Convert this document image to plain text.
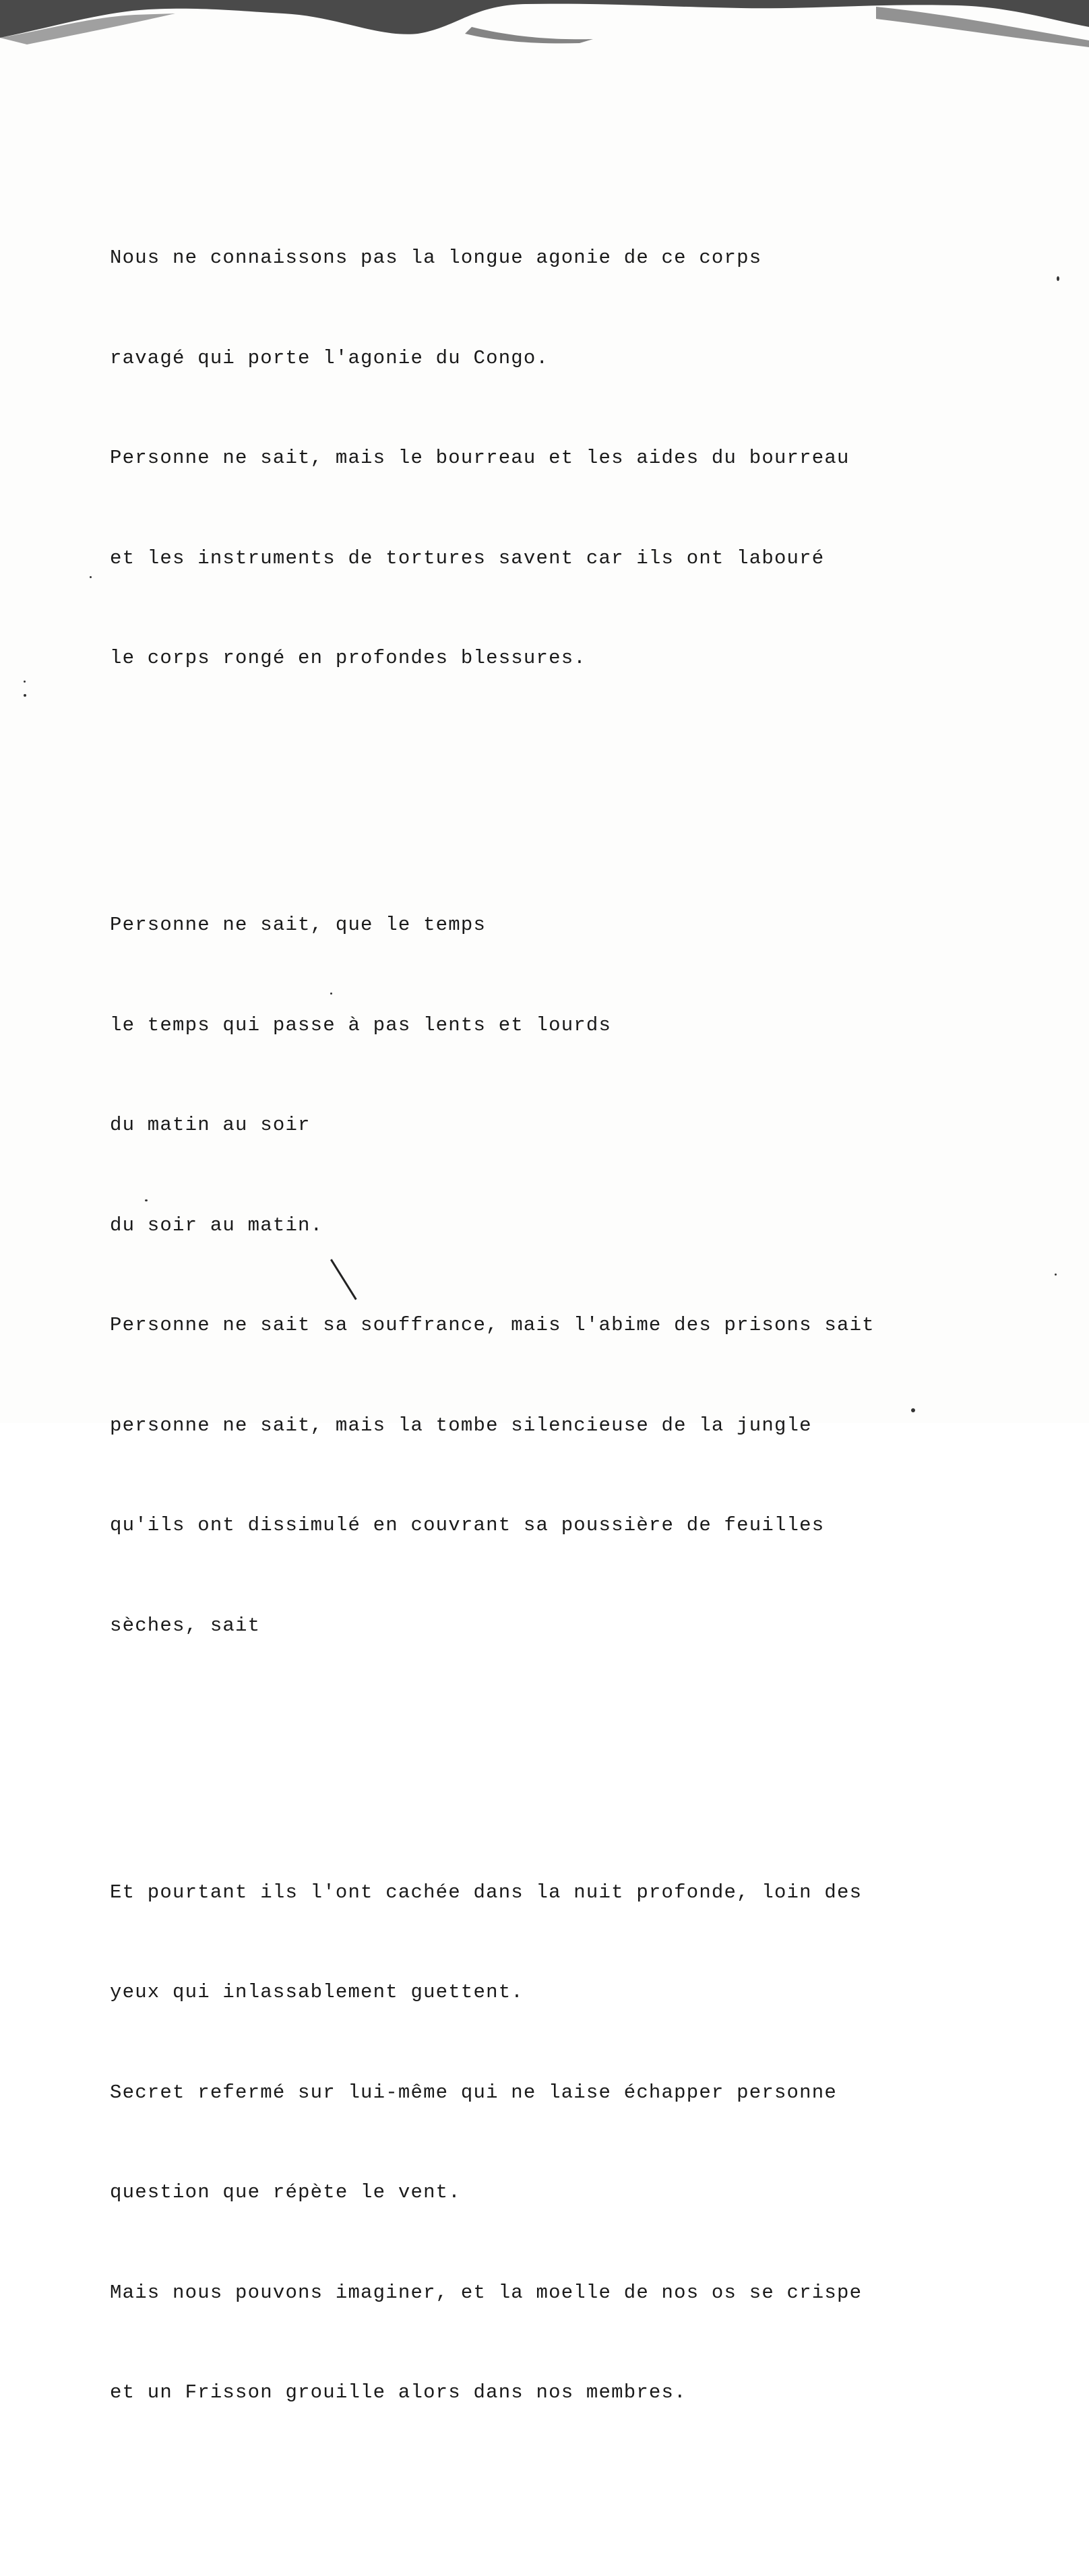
Nous ne connaissons pas la longue agonie de ce corps

ravagé qui porte l'agonie du Congo.

Personne ne sait, mais le bourreau et les aides du bourreau

et les instruments de tortures savent car ils ont labouré

le corps rongé en profondes blessures.

Personne ne sait, que le temps

le temps qui passe à pas lents et lourds

du matin au soir

du soir au matin.

Personne ne sait sa souffrance, mais l'abime des prisons sait

personne ne sait, mais la tombe silencieuse de la jungle

qu'ils ont dissimulé en couvrant sa poussière de feuilles

sèches, sait

Et pourtant ils l'ont cachée dans la nuit profonde, loin des

yeux qui inlassablement guettent.

Secret refermé sur lui-même qui ne laise échapper personne

question que répète le vent.

Mais nous pouvons imaginer, et la moelle de nos os se crispe

et un Frisson grouille alors dans nos membres.
